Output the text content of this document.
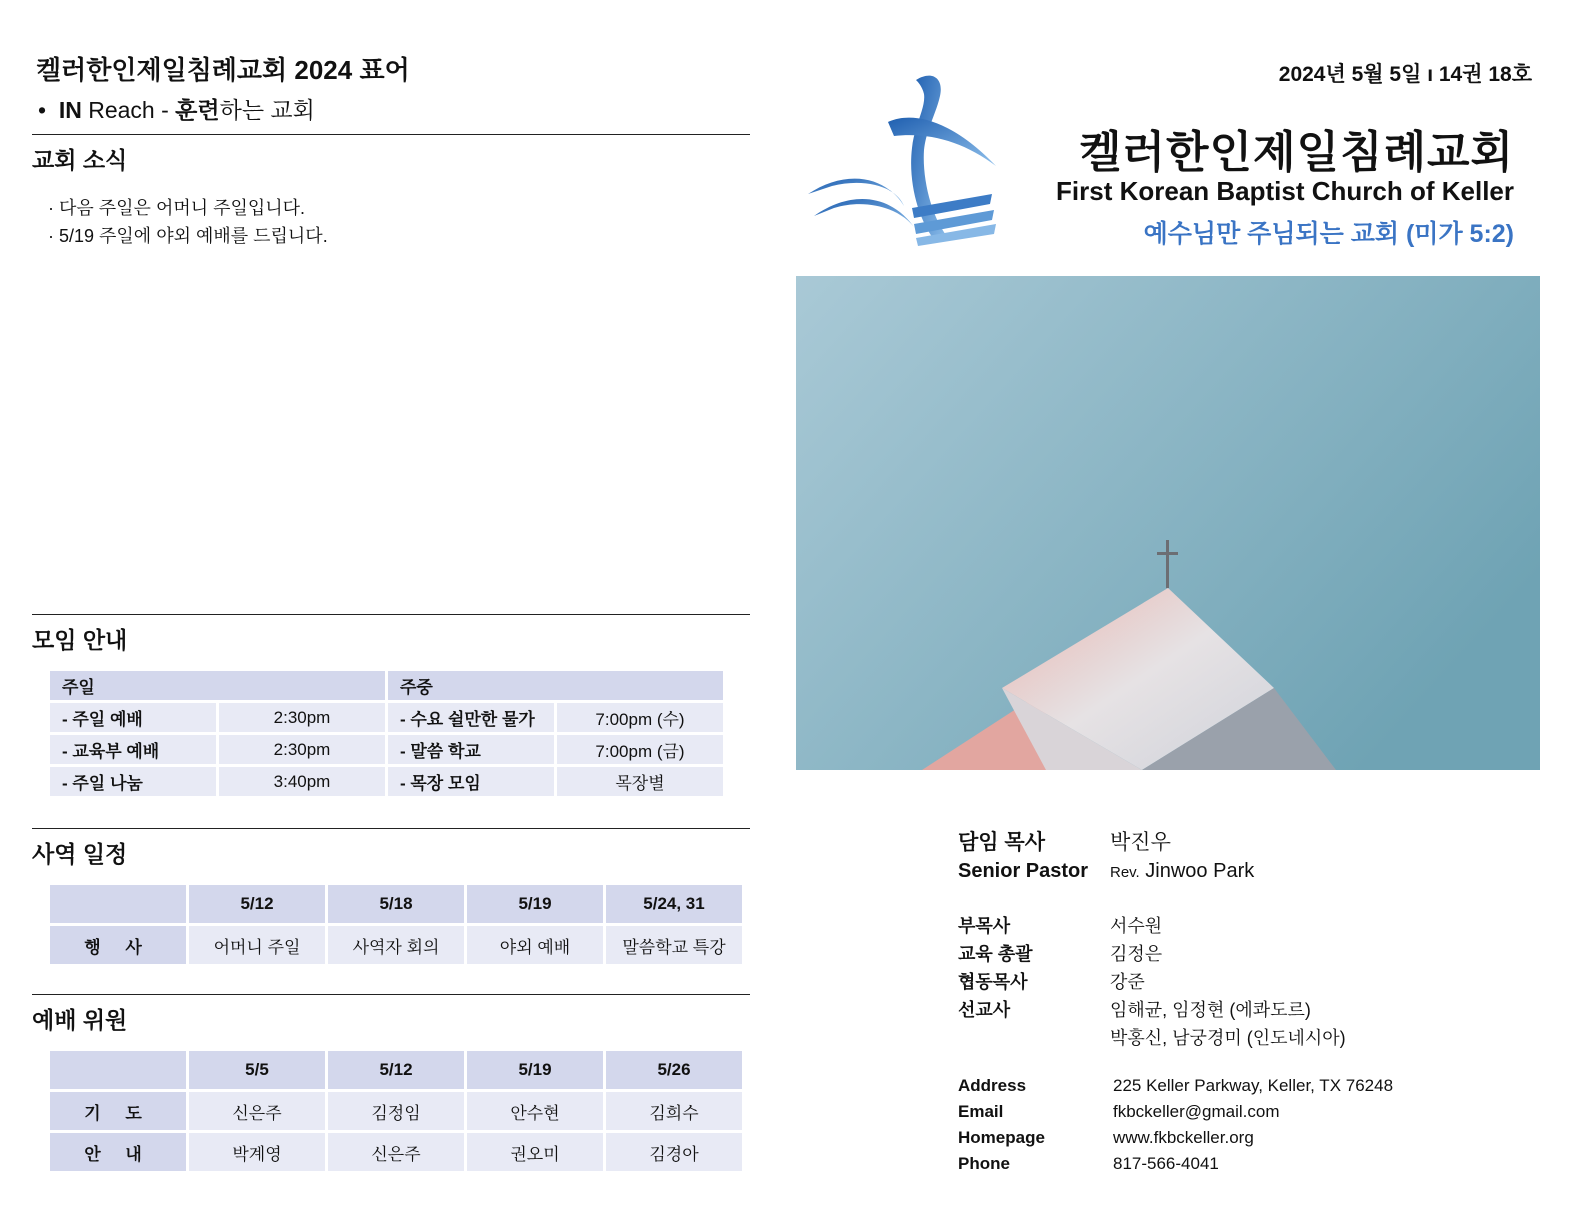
켈러한인제일침례교회 2024 표어
•  IN Reach - 훈련하는 교회
교회 소식
· 다음 주일은 어머니 주일입니다.
· 5/19 주일에 야외 예배를 드립니다.
모임 안내
주일		주중	
- 주일 예배	2:30pm	- 수요 쉴만한 물가	7:00pm (수)
- 교육부 예배	2:30pm	- 말씀 학교	7:00pm (금)
- 주일 나눔	3:40pm	- 목장 모임	목장별
사역 일정
	5/12	5/18	5/19	5/24, 31
행 사	어머니 주일	사역자 회의	야외 예배	말씀학교 특강
예배 위원
	5/5	5/12	5/19	5/26
기 도	신은주	김정임	안수현	김희수
안 내	박계영	신은주	권오미	김경아
2024년 5월 5일 ı 14권 18호
켈러한인제일침례교회
First Korean Baptist Church of Keller
예수님만 주님되는 교회 (미가 5:2)
담임 목사	박진우
Senior Pastor Rev. Jinwoo Park
부목사	서수원
교육 총괄	김정은
협동목사	강준
선교사	임해균, 임정현 (에콰도르)
박홍신, 남궁경미 (인도네시아)
Address	225 Keller Parkway, Keller, TX 76248
Email	fkbckeller@gmail.com
Homepage	www.fkbckeller.org
Phone	817-566-4041
